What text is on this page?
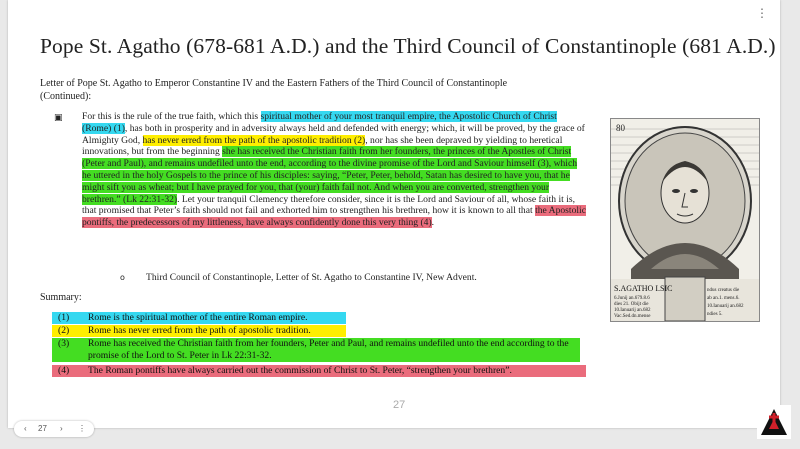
Pope St. Agatho (678-681 A.D.) and the Third Council of Constantinople (681 A.D.)
Letter of Pope St. Agatho to Emperor Constantine IV and the Eastern Fathers of the Third Council of Constantinople
(Continued):
▣ For this is the rule of the true faith, which this spiritual mother of your most tranquil empire, the Apostolic Church of Christ (Rome) (1), has both in prosperity and in adversity always held and defended with energy; which, it will be proved, by the grace of Almighty God, has never erred from the path of the apostolic tradition (2), nor has she been depraved by yielding to heretical innovations, but from the beginning she has received the Christian faith from her founders, the princes of the Apostles of Christ (Peter and Paul), and remains undefiled unto the end, according to the divine promise of the Lord and Saviour himself (3), which he uttered in the holy Gospels to the prince of his disciples: saying, “Peter, Peter, behold, Satan has desired to have you, that he might sift you as wheat; but I have prayed for you, that (your) faith fail not. And when you are converted, strengthen your brethren.” (Lk 22:31-32). Let your tranquil Clemency therefore consider, since it is the Lord and Saviour of all, whose faith it is, that promised that Peter’s faith should not fail and exhorted him to strengthen his brethren, how it is known to all that the Apostolic pontiffs, the predecessors of my littleness, have always confidently done this very thing (4).
o Third Council of Constantinople, Letter of St. Agatho to Constantine IV, New Advent.
Summary:
(1) Rome is the spiritual mother of the entire Roman empire.
(2) Rome has never erred from the path of apostolic tradition.
(3) Rome has received the Christian faith from her founders, Peter and Paul, and remains undefiled unto the end according to the promise of the Lord to St. Peter in Lk 22:31-32.
(4) The Roman pontiffs have always carried out the commission of Christ to St. Peter, “strengthen your brethren”.
27
80
S.AGATHO I.SIC
6.Junij an.679.8.6
dies 21. Obijt die
10.Ianuarij an.682
Vac.Sed.dn.mense
ndus creatus die
ab an.1. mens.6.
10.Ianuarij an.682
ndies 5.
⋮
‹ 27 › ⋮
